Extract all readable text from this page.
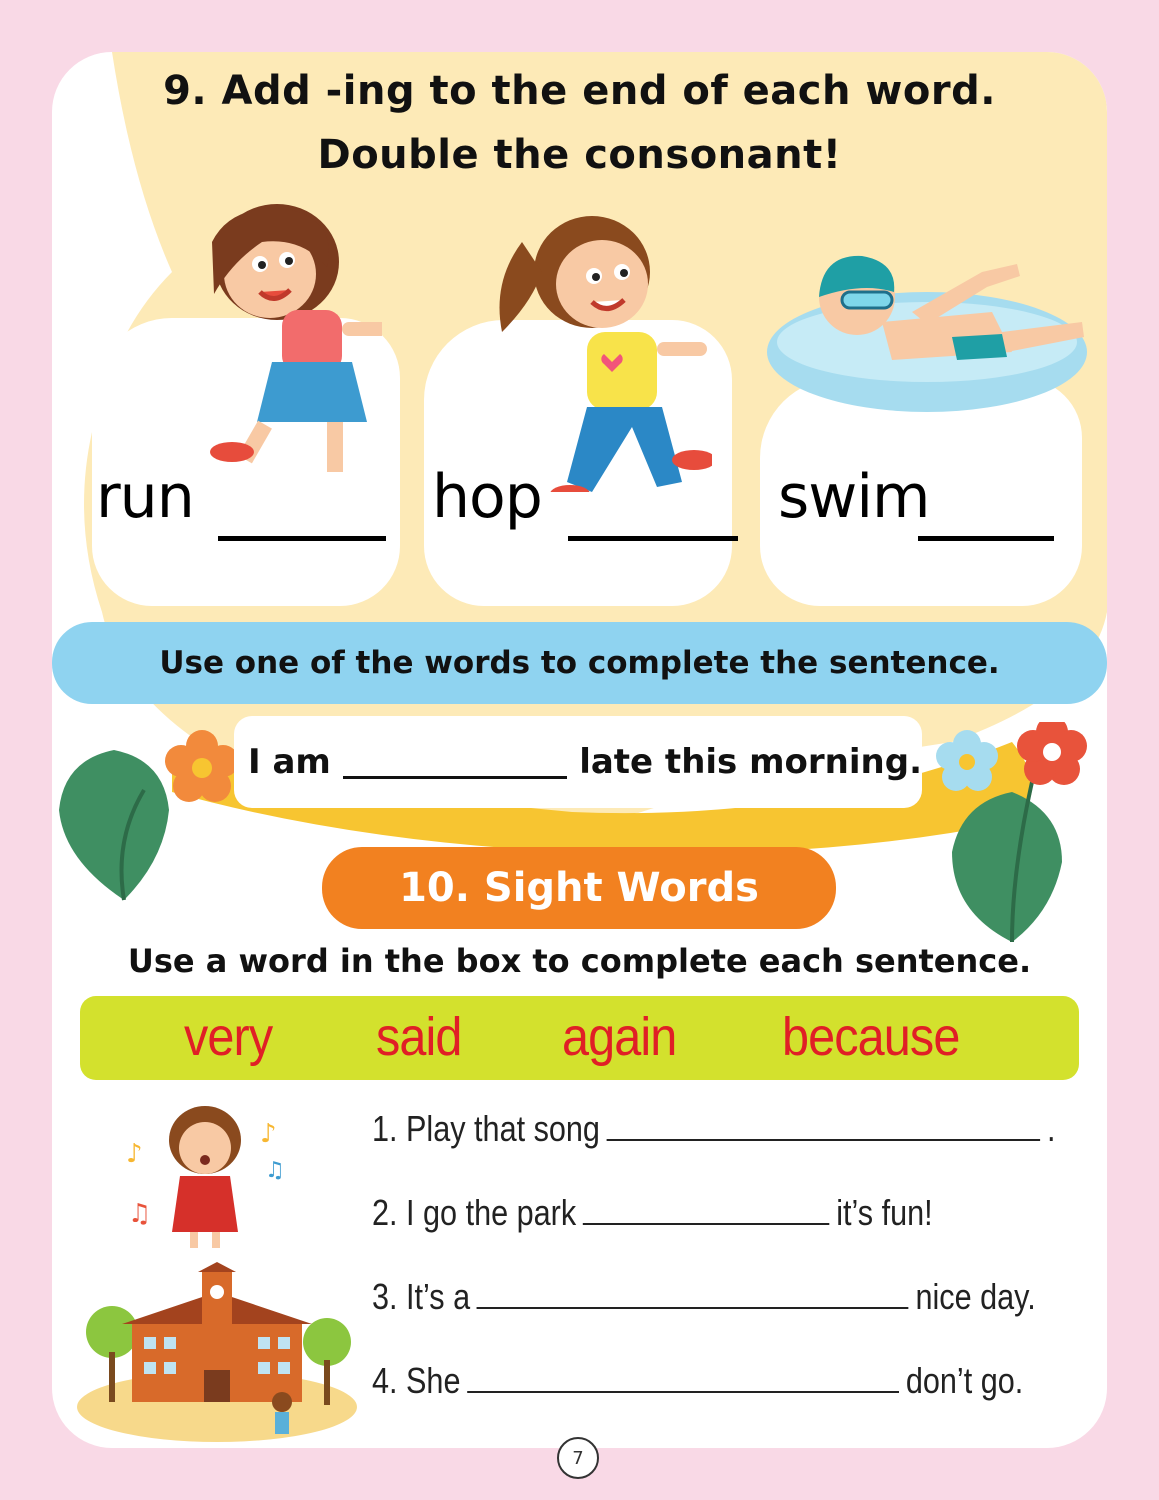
9. Add -ing to the end of each word.
Double the consonant!
run	hop	swim
Use one of the words to complete the sentence.
I am	late this morning.
10. Sight Words
Use a word in the box to complete each sentence.
very said again because
♪
♫
♪
♫
1. Play that song	.
2. I go the park	it’s fun!
3. It’s a	nice day.
4. She	don’t go.
7
